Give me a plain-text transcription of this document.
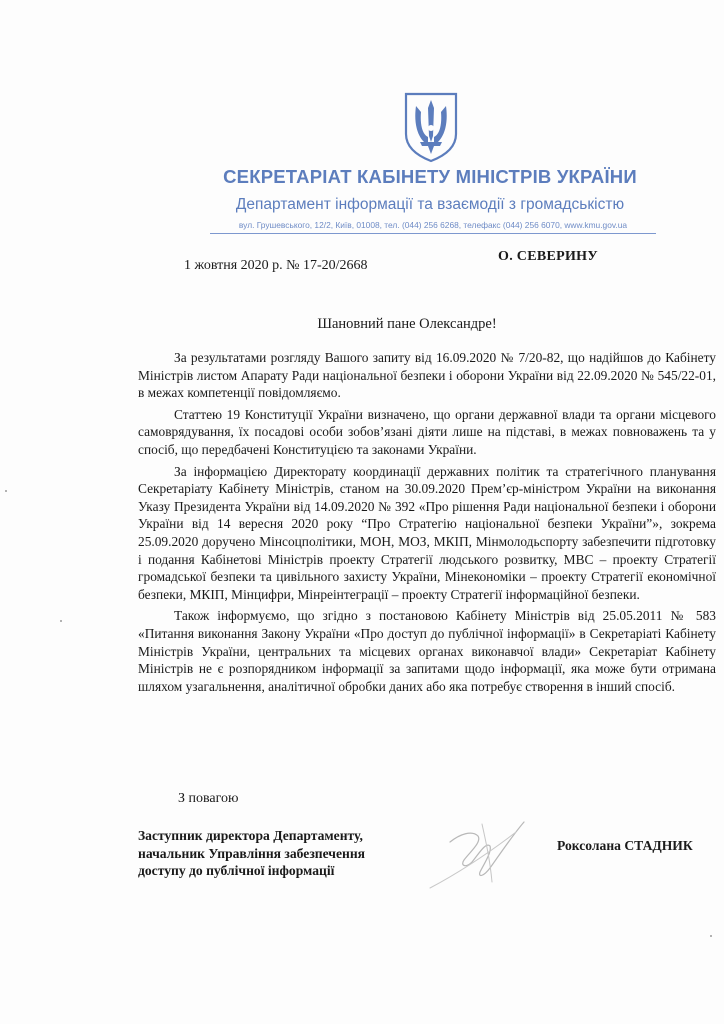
СЕКРЕТАРІАТ КАБІНЕТУ МІНІСТРІВ УКРАЇНИ
Департамент інформації та взаємодії з громадськістю
вул. Грушевського, 12/2, Київ, 01008, тел. (044) 256 6268, телефакс (044) 256 6070, www.kmu.gov.ua
1 жовтня 2020 р. № 17-20/2668
О. СЕВЕРИНУ
Шановний пане Олександре!

За результатами розгляду Вашого запиту від 16.09.2020 № 7/20-82, що надійшов до Кабінету Міністрів листом Апарату Ради національної безпеки і оборони України від 22.09.2020 № 545/22-01, в межах компетенції повідомляємо.

Статтею 19 Конституції України визначено, що органи державної влади та органи місцевого самоврядування, їх посадові особи зобов’язані діяти лише на підставі, в межах повноважень та у спосіб, що передбачені Конституцією та законами України.

За інформацією Директорату координації державних політик та стратегічного планування Секретаріату Кабінету Міністрів, станом на 30.09.2020 Прем’єр-міністром України на виконання Указу Президента України від 14.09.2020 № 392 «Про рішення Ради національної безпеки і оборони України від 14 вересня 2020 року “Про Стратегію національної безпеки України”», зокрема 25.09.2020 доручено Мінсоцполітики, МОН, МОЗ, МКІП, Мінмолодьспорту забезпечити підготовку і подання Кабінетові Міністрів проекту Стратегії людського розвитку, МВС – проекту Стратегії громадської безпеки та цивільного захисту України, Мінекономіки – проекту Стратегії економічної безпеки, МКІП, Мінцифри, Мінреінтеграції – проекту Стратегії інформаційної безпеки.

Також інформуємо, що згідно з постановою Кабінету Міністрів від 25.05.2011 № 583 «Питання виконання Закону України «Про доступ до публічної інформації» в Секретаріаті Кабінету Міністрів України, центральних та місцевих органах виконавчої влади» Секретаріат Кабінету Міністрів не є розпорядником інформації за запитами щодо інформації, яка може бути отримана шляхом узагальнення, аналітичної обробки даних або яка потребує створення в інший спосіб.

З повагою
Заступник директора Департаменту,
начальник Управління забезпечення
доступу до публічної інформації
Роксолана СТАДНИК
